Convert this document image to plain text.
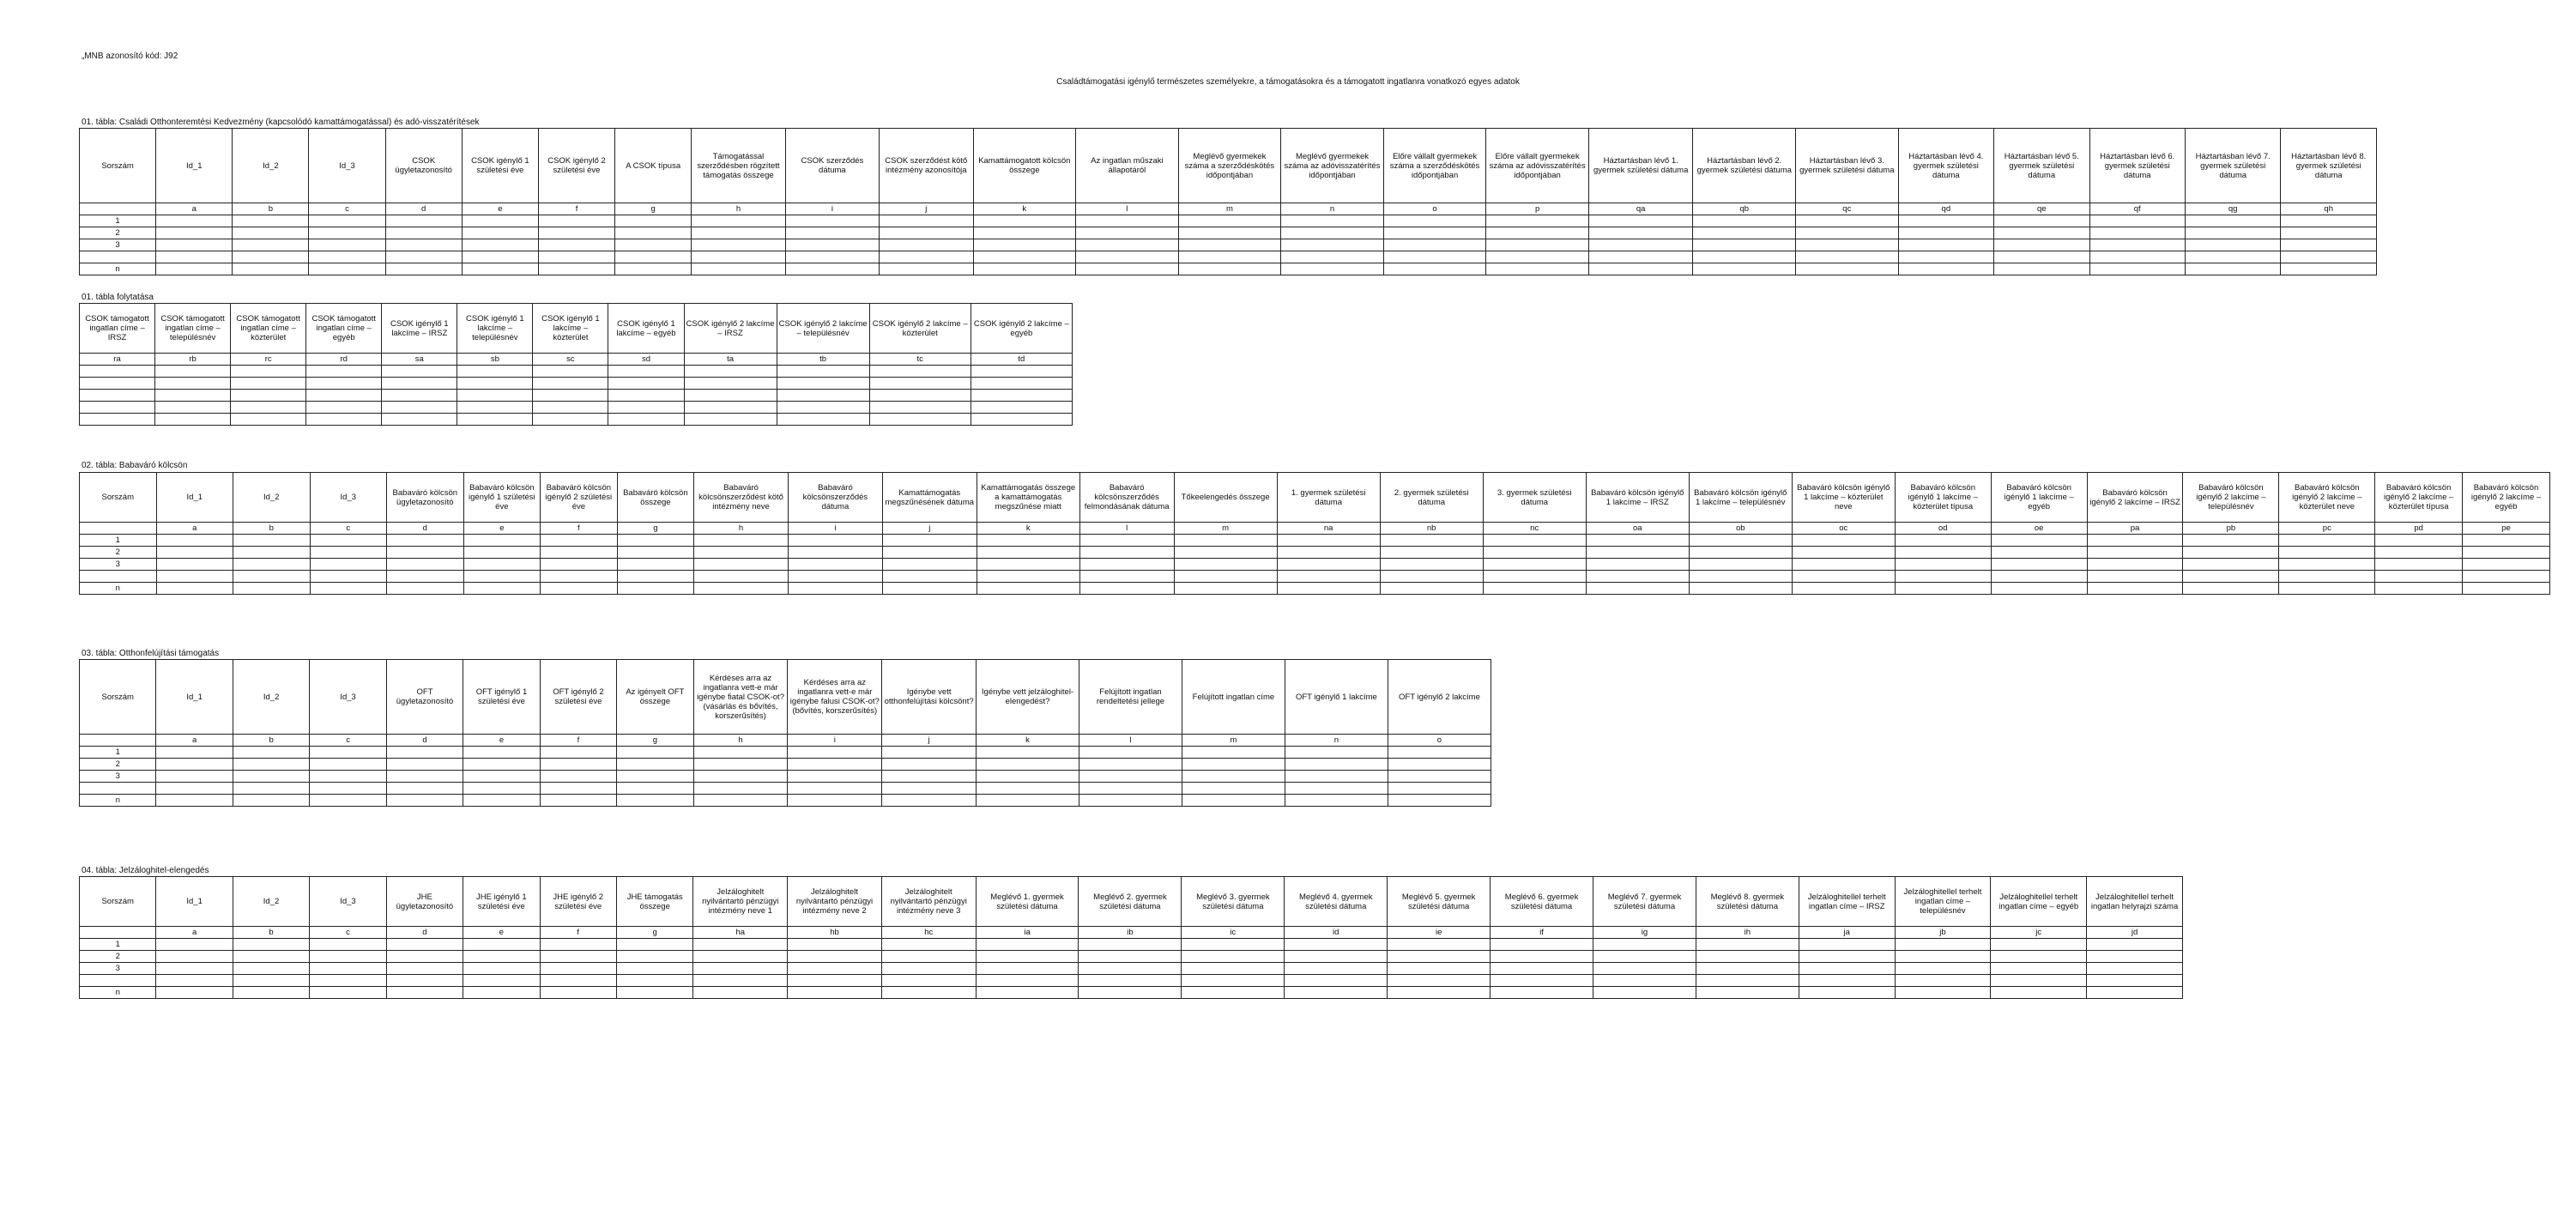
„MNB azonosító kód: J92
Családtámogatási igénylő természetes személyekre, a támogatásokra és a támogatott ingatlanra vonatkozó egyes adatok
01. tábla: Családi Otthonteremtési Kedvezmény (kapcsolódó kamattámogatással) és adó-visszatérítések
Sorszám	Id_1	Id_2	Id_3	CSOK ügyletazonosító	CSOK igénylő 1 születési éve	CSOK igénylő 2 születési éve	A CSOK típusa	Támogatással szerződésben rögzített támogatás összege	CSOK szerződés dátuma	CSOK szerződést kötő intézmény azonosítója	Kamattámogatott kölcsön összege	Az ingatlan műszaki állapotáról	Meglévő gyermekek száma a szerződéskötés időpontjában	Meglévő gyermekek száma az adóvisszatérítés időpontjában	Előre vállalt gyermekek száma a szerződéskötés időpontjában	Előre vállalt gyermekek száma az adóvisszatérítés időpontjában	Háztartásban lévő 1. gyermek születési dátuma	Háztartásban lévő 2. gyermek születési dátuma	Háztartásban lévő 3. gyermek születési dátuma	Háztartásban lévő 4. gyermek születési dátuma	Háztartásban lévő 5. gyermek születési dátuma	Háztartásban lévő 6. gyermek születési dátuma	Háztartásban lévő 7. gyermek születési dátuma	Háztartásban lévő 8. gyermek születési dátuma
	a	b	c	d	e	f	g	h	i	j	k	l	m	n	o	p	qa	qb	qc	qd	qe	qf	qg	qh
1																								
2																								
3																								

n																								
01. tábla folytatása
CSOK támogatott ingatlan címe – IRSZ	CSOK támogatott ingatlan címe – településnév	CSOK támogatott ingatlan címe – közterület	CSOK támogatott ingatlan címe – egyéb	CSOK igénylő 1 lakcíme – IRSZ	CSOK igénylő 1 lakcíme – településnév	CSOK igénylő 1 lakcíme – közterület	CSOK igénylő 1 lakcíme – egyéb	CSOK igénylő 2 lakcíme – IRSZ	CSOK igénylő 2 lakcíme – településnév	CSOK igénylő 2 lakcíme – közterület	CSOK igénylő 2 lakcíme – egyéb
ra	rb	rc	rd	sa	sb	sc	sd	ta	tb	tc	td

02. tábla: Babaváró kölcsön
Sorszám	Id_1	Id_2	Id_3	Babaváró kölcsön ügyletazonosító	Babaváró kölcsön igénylő 1 születési éve	Babaváró kölcsön igénylő 2 születési éve	Babaváró kölcsön összege	Babaváró kölcsönszerződést kötő intézmény neve	Babaváró kölcsönszerződés dátuma	Kamattámogatás megszűnésének dátuma	Kamattámogatás összege a kamattámogatás megszűnése miatt	Babaváró kölcsönszerződés felmondásának dátuma	Tőkeelengedés összege	1. gyermek születési dátuma	2. gyermek születési dátuma	3. gyermek születési dátuma	Babaváró kölcsön igénylő 1 lakcíme – IRSZ	Babaváró kölcsön igénylő 1 lakcíme – településnév	Babaváró kölcsön igénylő 1 lakcíme – közterület neve	Babaváró kölcsön igénylő 1 lakcíme – közterület típusa	Babaváró kölcsön igénylő 1 lakcíme – egyéb	Babaváró kölcsön igénylő 2 lakcíme – IRSZ	Babaváró kölcsön igénylő 2 lakcíme – településnév	Babaváró kölcsön igénylő 2 lakcíme – közterület neve	Babaváró kölcsön igénylő 2 lakcíme – közterület típusa	Babaváró kölcsön igénylő 2 lakcíme – egyéb
	a	b	c	d	e	f	g	h	i	j	k	l	m	na	nb	nc	oa	ob	oc	od	oe	pa	pb	pc	pd	pe
1																										
2																										
3																										

n																										
03. tábla: Otthonfelújítási támogatás
Sorszám	Id_1	Id_2	Id_3	OFT ügyletazonosító	OFT igénylő 1 születési éve	OFT igénylő 2 születési éve	Az igényelt OFT összege	Kérdéses arra az ingatlanra vett-e már igénybe fiatal CSOK-ot? (vásárlás és bővítés, korszerűsítés)	Kérdéses arra az ingatlanra vett-e már igénybe falusi CSOK-ot? (bővítés, korszerűsítés)	Igénybe vett otthonfelújítási kölcsönt?	Igénybe vett jelzáloghitel-elengedést?	Felújított ingatlan rendeltetési jellege	Felújított ingatlan címe	OFT igénylő 1 lakcíme	OFT igénylő 2 lakcíme
	a	b	c	d	e	f	g	h	i	j	k	l	m	n	o
1															
2															
3															

n															
04. tábla: Jelzáloghitel-elengedés
Sorszám	Id_1	Id_2	Id_3	JHE ügyletazonosító	JHE igénylő 1 születési éve	JHE igénylő 2 születési éve	JHE támogatás összege	Jelzáloghitelt nyilvántartó pénzügyi intézmény neve 1	Jelzáloghitelt nyilvántartó pénzügyi intézmény neve 2	Jelzáloghitelt nyilvántartó pénzügyi intézmény neve 3	Meglévő 1. gyermek születési dátuma	Meglévő 2. gyermek születési dátuma	Meglévő 3. gyermek születési dátuma	Meglévő 4. gyermek születési dátuma	Meglévő 5. gyermek születési dátuma	Meglévő 6. gyermek születési dátuma	Meglévő 7. gyermek születési dátuma	Meglévő 8. gyermek születési dátuma	Jelzáloghitellel terhelt ingatlan címe – IRSZ	Jelzáloghitellel terhelt ingatlan címe – településnév	Jelzáloghitellel terhelt ingatlan címe – egyéb	Jelzáloghitellel terhelt ingatlan helyrajzi száma
	a	b	c	d	e	f	g	ha	hb	hc	ia	ib	ic	id	ie	if	ig	ih	ja	jb	jc	jd
1																						
2																						
3																						

n																						
